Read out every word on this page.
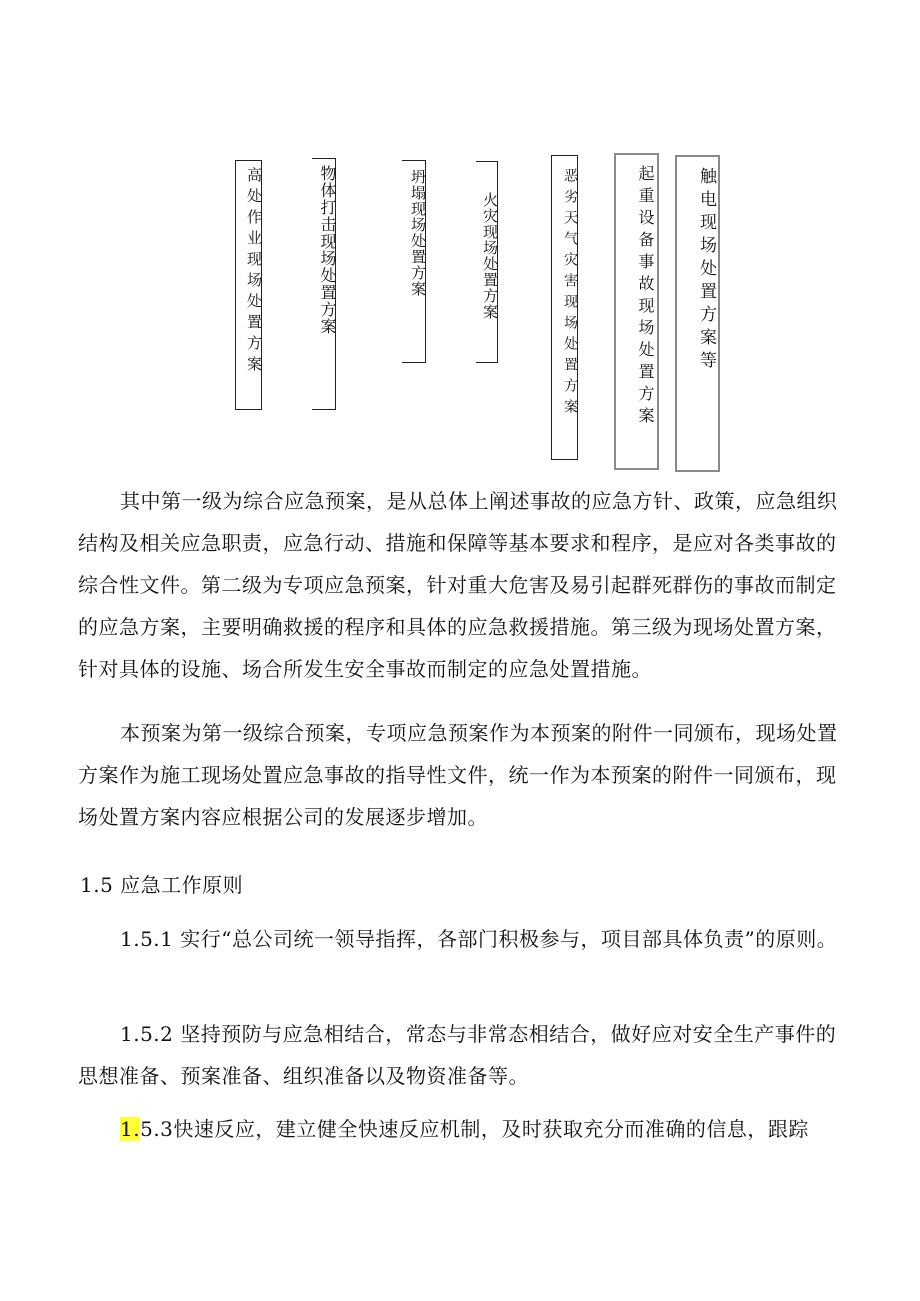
高处作业现场处置方案	物体打击现场处置方案	坍塌现场处置方案	火灾现场处置方案	恶劣天气灾害现场处置方案	起重设备事故现场处置方案	触电现场处置方案等

其中第一级为综合应急预案，是从总体上阐述事故的应急方针、政策，应急组织结构及相关应急职责，应急行动、措施和保障等基本要求和程序，是应对各类事故的综合性文件。第二级为专项应急预案，针对重大危害及易引起群死群伤的事故而制定的应急方案，主要明确救援的程序和具体的应急救援措施。第三级为现场处置方案，针对具体的设施、场合所发生安全事故而制定的应急处置措施。

本预案为第一级综合预案，专项应急预案作为本预案的附件一同颁布，现场处置方案作为施工现场处置应急事故的指导性文件，统一作为本预案的附件一同颁布，现场处置方案内容应根据公司的发展逐步增加。

1.5 应急工作原则

1.5.1 实行“总公司统一领导指挥，各部门积极参与，项目部具体负责”的原则。

1.5.2 坚持预防与应急相结合，常态与非常态相结合，做好应对安全生产事件的思想准备、预案准备、组织准备以及物资准备等。

1.5.3快速反应，建立健全快速反应机制，及时获取充分而准确的信息，跟踪
